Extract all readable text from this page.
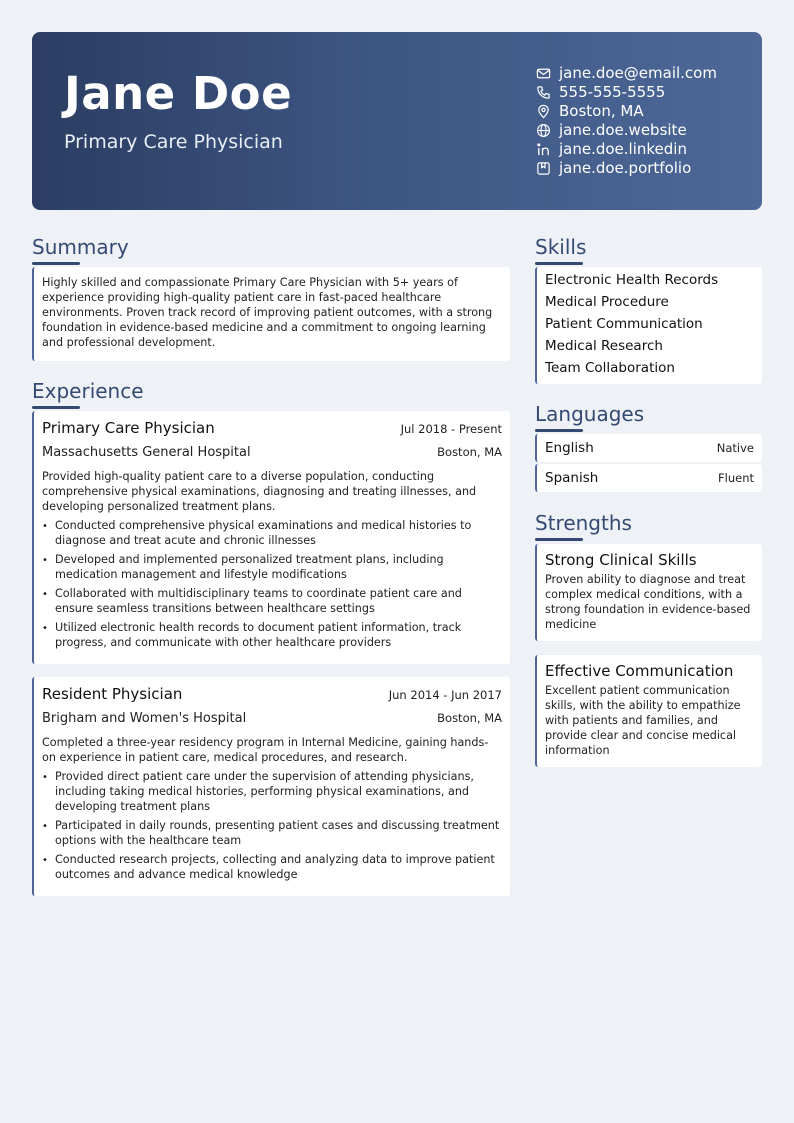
Jane Doe
Primary Care Physician
jane.doe@email.com
555-555-5555
Boston, MA
jane.doe.website
jane.doe.linkedin
jane.doe.portfolio
Summary
Highly skilled and compassionate Primary Care Physician with 5+ years of experience providing high-quality patient care in fast-paced healthcare environments. Proven track record of improving patient outcomes, with a strong foundation in evidence-based medicine and a commitment to ongoing learning and professional development.
Experience
Primary Care Physician	Jul 2018 - Present
Massachusetts General Hospital	Boston, MA
Provided high-quality patient care to a diverse population, conducting comprehensive physical examinations, diagnosing and treating illnesses, and developing personalized treatment plans.
• Conducted comprehensive physical examinations and medical histories to diagnose and treat acute and chronic illnesses
• Developed and implemented personalized treatment plans, including medication management and lifestyle modifications
• Collaborated with multidisciplinary teams to coordinate patient care and ensure seamless transitions between healthcare settings
• Utilized electronic health records to document patient information, track progress, and communicate with other healthcare providers
Resident Physician	Jun 2014 - Jun 2017
Brigham and Women's Hospital	Boston, MA
Completed a three-year residency program in Internal Medicine, gaining hands-on experience in patient care, medical procedures, and research.
• Provided direct patient care under the supervision of attending physicians, including taking medical histories, performing physical examinations, and developing treatment plans
• Participated in daily rounds, presenting patient cases and discussing treatment options with the healthcare team
• Conducted research projects, collecting and analyzing data to improve patient outcomes and advance medical knowledge
Skills
Electronic Health Records
Medical Procedure
Patient Communication
Medical Research
Team Collaboration
Languages
English	Native
Spanish	Fluent
Strengths
Strong Clinical Skills
Proven ability to diagnose and treat complex medical conditions, with a strong foundation in evidence-based medicine
Effective Communication
Excellent patient communication skills, with the ability to empathize with patients and families, and provide clear and concise medical information
